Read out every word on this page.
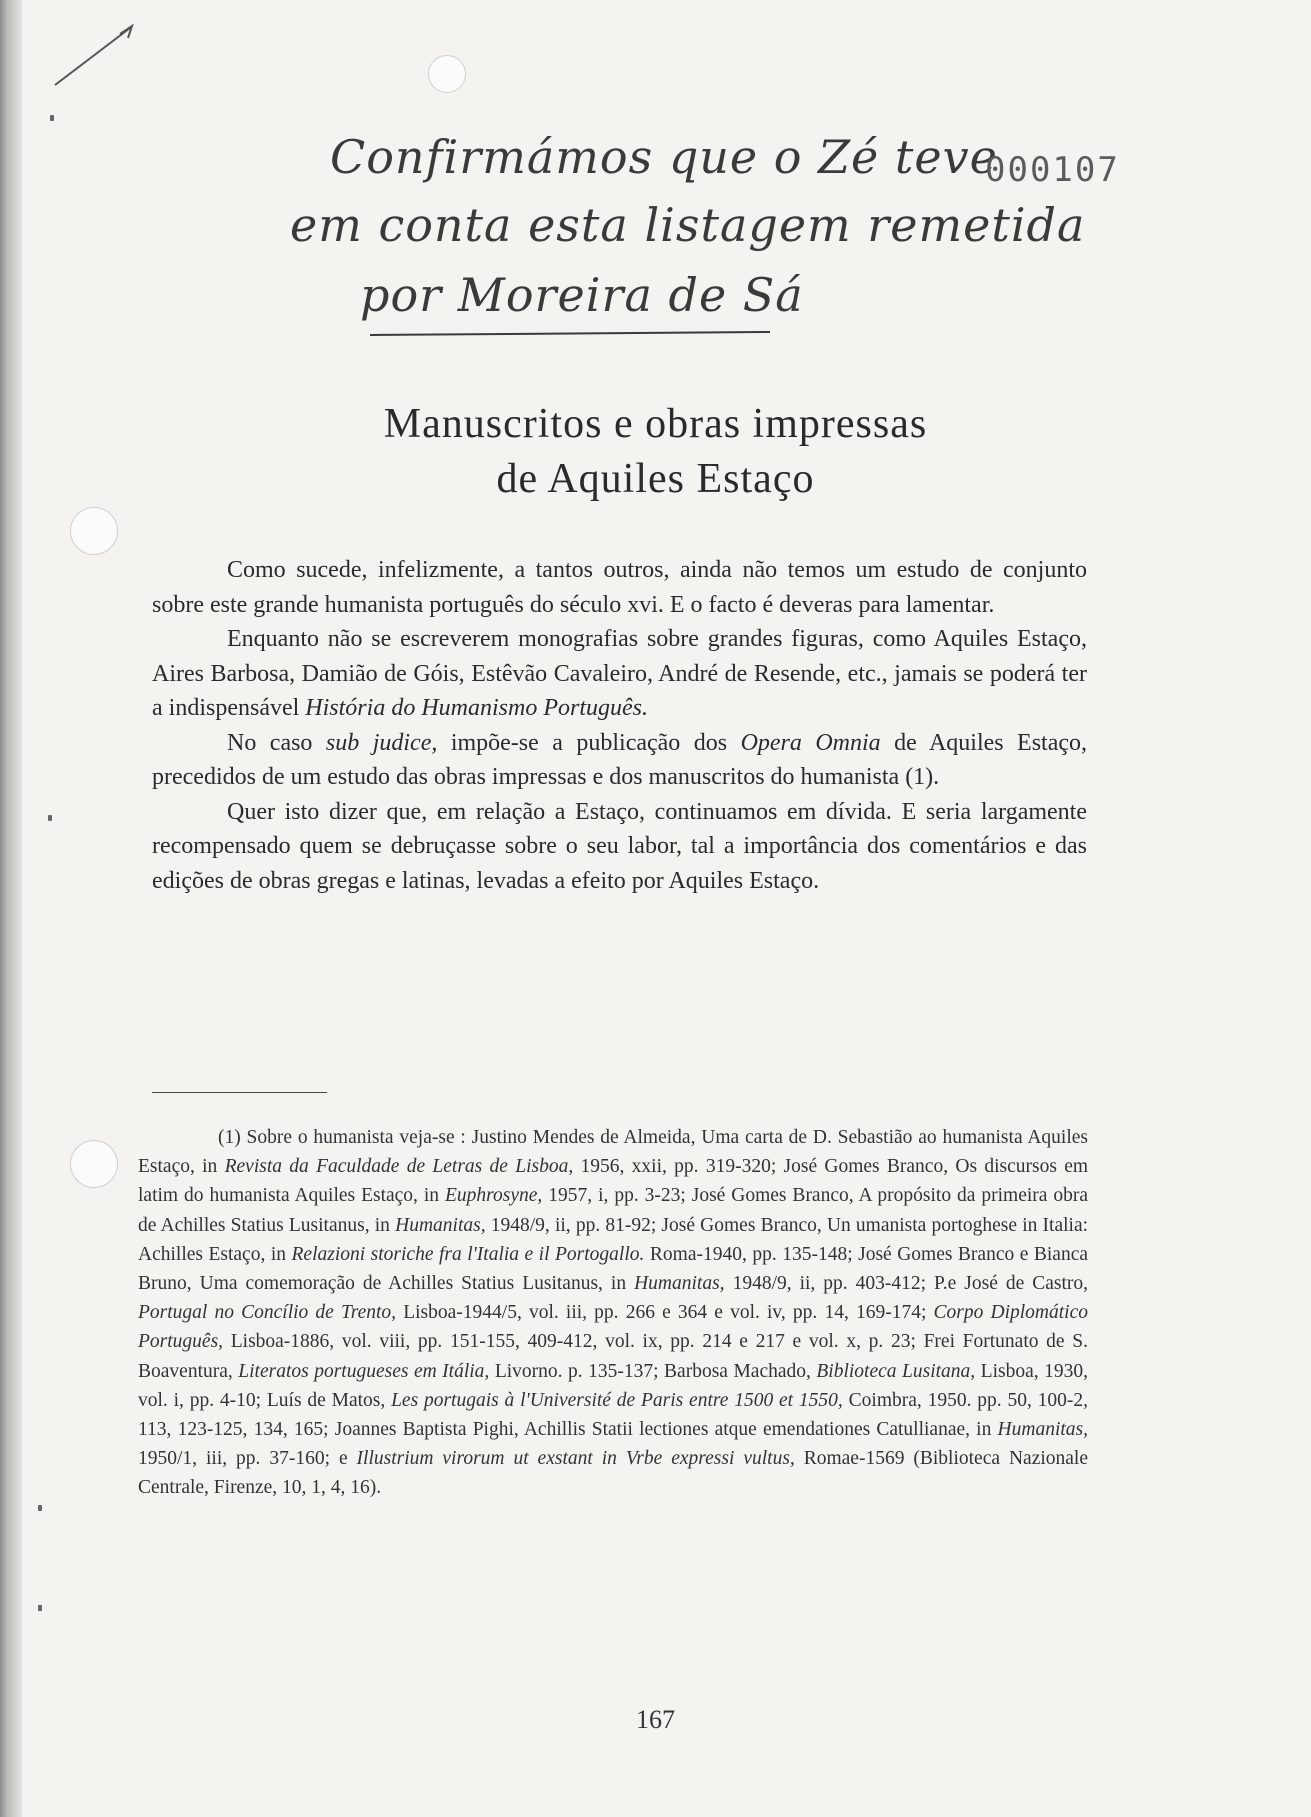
Confirmámos que o Zé teve
em conta esta listagem remetida
por Moreira de Sá
000107
Manuscritos e obras impressas
de Aquiles Estaço

Como sucede, infelizmente, a tantos outros, ainda não temos um estudo de conjunto sobre este grande humanista português do século xvi. E o facto é deveras para lamentar.

Enquanto não se escreverem monografias sobre grandes figuras, como Aquiles Estaço, Aires Barbosa, Damião de Góis, Estêvão Cavaleiro, André de Resende, etc., jamais se poderá ter a indispensável História do Humanismo Português.

No caso sub judice, impõe-se a publicação dos Opera Omnia de Aquiles Estaço, precedidos de um estudo das obras impressas e dos manuscritos do humanista (1).

Quer isto dizer que, em relação a Estaço, continuamos em dívida. E seria largamente recompensado quem se debruçasse sobre o seu labor, tal a importância dos comentários e das edições de obras gregas e latinas, levadas a efeito por Aquiles Estaço.

(1) Sobre o humanista veja-se : Justino Mendes de Almeida, Uma carta de D. Sebastião ao humanista Aquiles Estaço, in Revista da Faculdade de Letras de Lisboa, 1956, xxii, pp. 319-320; José Gomes Branco, Os discursos em latim do humanista Aquiles Estaço, in Euphrosyne, 1957, i, pp. 3-23; José Gomes Branco, A propósito da primeira obra de Achilles Statius Lusitanus, in Humanitas, 1948/9, ii, pp. 81-92; José Gomes Branco, Un umanista portoghese in Italia: Achilles Estaço, in Relazioni storiche fra l'Italia e il Portogallo. Roma-1940, pp. 135-148; José Gomes Branco e Bianca Bruno, Uma comemoração de Achilles Statius Lusitanus, in Humanitas, 1948/9, ii, pp. 403-412; P.e José de Castro, Portugal no Concílio de Trento, Lisboa-1944/5, vol. iii, pp. 266 e 364 e vol. iv, pp. 14, 169-174; Corpo Diplomático Português, Lisboa-1886, vol. viii, pp. 151-155, 409-412, vol. ix, pp. 214 e 217 e vol. x, p. 23; Frei Fortunato de S. Boaventura, Literatos portugueses em Itália, Livorno. p. 135-137; Barbosa Machado, Biblioteca Lusitana, Lisboa, 1930, vol. i, pp. 4-10; Luís de Matos, Les portugais à l'Université de Paris entre 1500 et 1550, Coimbra, 1950. pp. 50, 100-2, 113, 123-125, 134, 165; Joannes Baptista Pighi, Achillis Statii lectiones atque emendationes Catullianae, in Humanitas, 1950/1, iii, pp. 37-160; e Illustrium virorum ut exstant in Vrbe expressi vultus, Romae-1569 (Biblioteca Nazionale Centrale, Firenze, 10, 1, 4, 16).

167
